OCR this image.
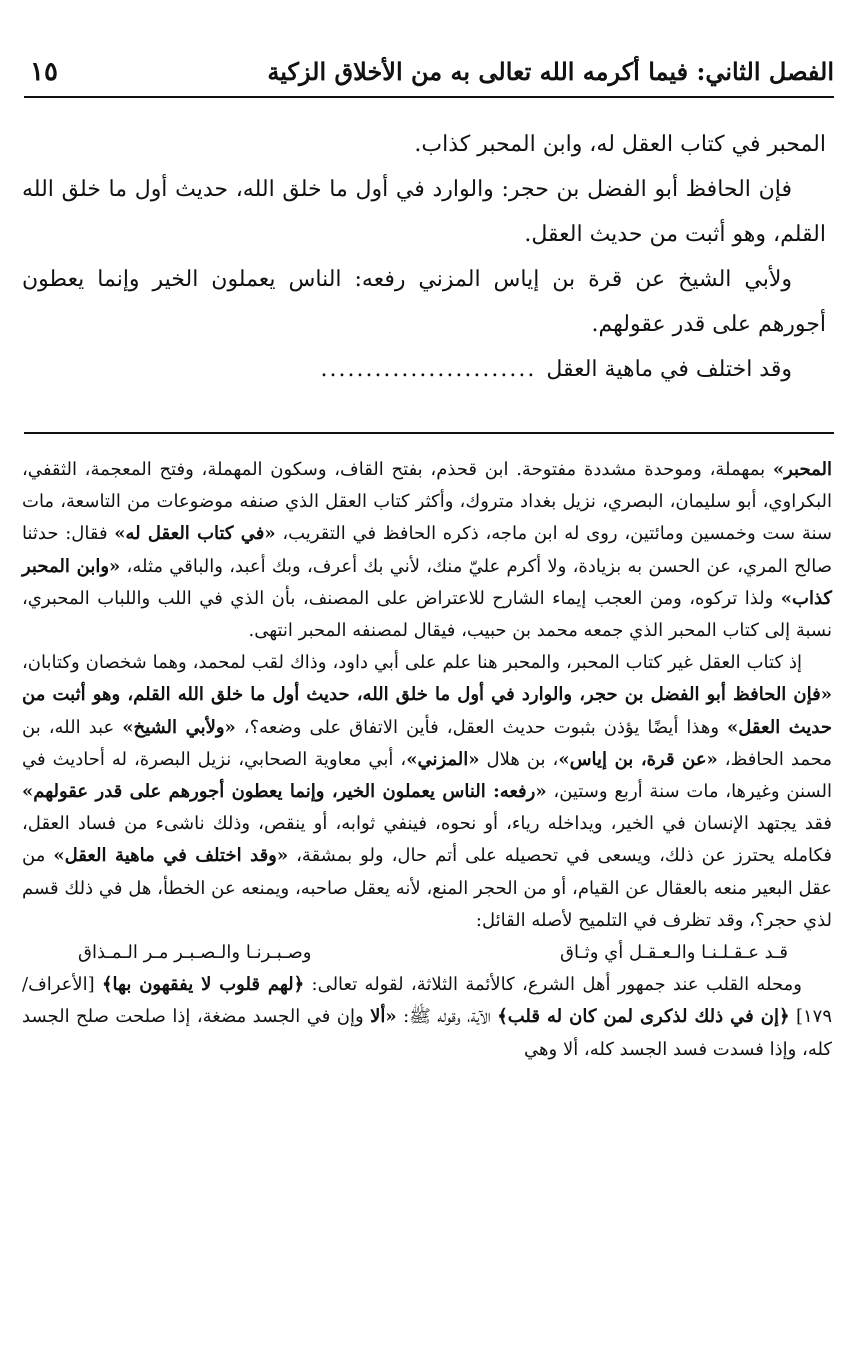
الفصل الثاني: فيما أكرمه الله تعالى به من الأخلاق الزكية
١٥

المحبر في كتاب العقل له، وابن المحبر كذاب.

فإن الحافظ أبو الفضل بن حجر: والوارد في أول ما خلق الله، حديث أول ما خلق الله القلم، وهو أثبت من حديث العقل.

ولأبي الشيخ عن قرة بن إياس المزني رفعه: الناس يعملون الخير وإنما يعطون أجورهم على قدر عقولهم.

وقد اختلف في ماهية العقل
........................

المحبر» بمهملة، وموحدة مشددة مفتوحة. ابن قحذم، بفتح القاف، وسكون المهملة، وفتح المعجمة، الثقفي، البكراوي، أبو سليمان، البصري، نزيل بغداد متروك، وأكثر كتاب العقل الذي صنفه موضوعات من التاسعة، مات سنة ست وخمسين ومائتين، روى له ابن ماجه، ذكره الحافظ في التقريب، «في كتاب العقل له» فقال: حدثنا صالح المري، عن الحسن به بزيادة، ولا أكرم عليّ منك، لأني بك أعرف، وبك أعبد، والباقي مثله، «وابن المحبر كذاب» ولذا تركوه، ومن العجب إيماء الشارح للاعتراض على المصنف، بأن الذي في اللب واللباب المحبري، نسبة إلى كتاب المحبر الذي جمعه محمد بن حبيب، فيقال لمصنفه المحبر انتهى.

إذ كتاب العقل غير كتاب المحبر، والمحبر هنا علم على أبي داود، وذاك لقب لمحمد، وهما شخصان وكتابان، «فإن الحافظ أبو الفضل بن حجر، والوارد في أول ما خلق الله، حديث أول ما خلق الله القلم، وهو أثبت من حديث العقل» وهذا أيضًا يؤذن بثبوت حديث العقل، فأين الاتفاق على وضعه؟، «ولأبي الشيخ» عبد الله، بن محمد الحافظ، «عن قرة، بن إياس»، بن هلال «المزني»، أبي معاوية الصحابي، نزيل البصرة، له أحاديث في السنن وغيرها، مات سنة أربع وستين، «رفعه: الناس يعملون الخير، وإنما يعطون أجورهم على قدر عقولهم» فقد يجتهد الإنسان في الخير، ويداخله رياء، أو نحوه، فينفي ثوابه، أو ينقص، وذلك ناشىء من فساد العقل، فكامله يحترز عن ذلك، ويسعى في تحصيله على أتم حال، ولو بمشقة، «وقد اختلف في ماهية العقل» من عقل البعير منعه بالعقال عن القيام، أو من الحجر المنع، لأنه يعقل صاحبه، ويمنعه عن الخطأ، هل في ذلك قسم لذي حجر؟، وقد تظرف في التلميح لأصله القائل:

قـد عـقـلـنـا والـعـقـل أي وثـاق
وصـبـرنـا والـصـبـر مـر الـمـذاق

ومحله القلب عند جمهور أهل الشرع، كالأئمة الثلاثة، لقوله تعالى: ﴿لهم قلوب لا يفقهون بها﴾ [الأعراف/١٧٩] ﴿إن في ذلك لذكرى لمن كان له قلب﴾ الآية، وقوله ﷺ: «ألا وإن في الجسد مضغة، إذا صلحت صلح الجسد كله، وإذا فسدت فسد الجسد كله، ألا وهي
